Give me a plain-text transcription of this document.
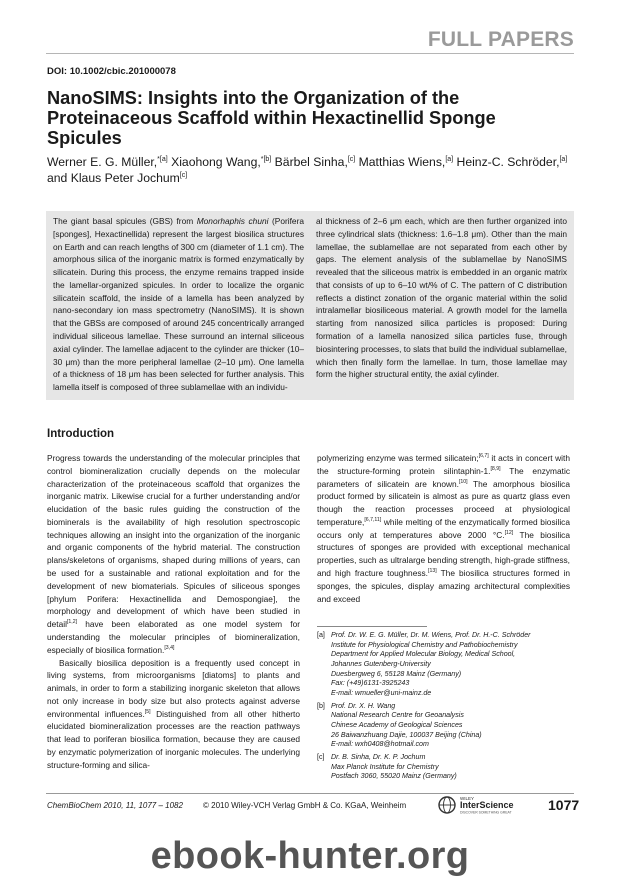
FULL PAPERS
DOI: 10.1002/cbic.201000078
NanoSIMS: Insights into the Organization of the Proteinaceous Scaffold within Hexactinellid Sponge Spicules
Werner E. G. Müller,$^{*[a]}$ Xiaohong Wang,$^{*[b]}$ Bärbel Sinha,[c] Matthias Wiens,[a] Heinz-C. Schröder,[a] and Klaus Peter Jochum[c]
The giant basal spicules (GBS) from Monorhaphis chuni (Porifera [sponges], Hexactinellida) represent the largest biosilica structures on Earth and can reach lengths of 300 cm (diameter of 1.1 cm). The amorphous silica of the inorganic matrix is formed enzymatically by silicatein. During this process, the enzyme remains trapped inside the lamellar-organized spicules. In order to localize the organic silicatein scaffold, the inside of a lamella has been analyzed by nano-secondary ion mass spectrometry (NanoSIMS). It is shown that the GBSs are composed of around 245 concentrically arranged individual siliceous lamellae. These surround an internal siliceous axial cylinder. The lamellae adjacent to the cylinder are thicker (10–30 μm) than the more peripheral lamellae (2–10 μm). One lamella of a thickness of 18 μm has been selected for further analysis. This lamella itself is composed of three sublamellae with an individu-
al thickness of 2–6 μm each, which are then further organized into three cylindrical slats (thickness: 1.6–1.8 μm). Other than the main lamellae, the sublamellae are not separated from each other by gaps. The element analysis of the sublamellae by NanoSIMS revealed that the siliceous matrix is embedded in an organic matrix that consists of up to 6–10 wt/% of C. The pattern of C distribution reflects a distinct zonation of the organic material within the solid intralamellar biosiliceous material. A growth model for the lamella starting from nanosized silica particles is proposed: During formation of a lamella nanosized silica particles fuse, through biosintering processes, to slats that build the individual sublamellae, which then finally form the lamellae. In turn, those lamellae may form the higher structural entity, the axial cylinder.
Introduction
Progress towards the understanding of the molecular principles that control biomineralization crucially depends on the molecular characterization of the proteinaceous scaffold that organizes the inorganic matrix. Likewise crucial for a further understanding and/or elucidation of the basic rules guiding the construction of the biominerals is the availability of high resolution spectroscopic techniques allowing an insight into the organization of the inorganic and organic components of the hybrid material. The construction plans/skeletons of organisms, shaped during millions of years, can be used for a sustainable and rational exploitation and for the development of new biomaterials. Spicules of siliceous sponges [phylum Porifera: Hexactinellida and Demospongiae], the morphology and development of which have been studied in detail[1,2] have been elaborated as one model system for understanding the molecular principles of biomineralization, especially of biosilica formation.[3,4]
Basically biosilica deposition is a frequently used concept in living systems, from microorganisms [diatoms] to plants and animals, in order to form a stabilizing inorganic skeleton that allows not only increase in body size but also protects against adverse environmental influences.[5] Distinguished from all other hitherto elucidated biomineralization processes are the reaction pathways that lead to poriferan biosilica formation, because they are caused by enzymatic polymerization of inorganic molecules. The underlying structure-forming and silica-
polymerizing enzyme was termed silicatein;[6,7] it acts in concert with the structure-forming protein silintaphin-1.[8,9] The enzymatic parameters of silicatein are known.[10] The amorphous biosilica product formed by silicatein is almost as pure as quartz glass even though the reaction processes proceed at physiological temperature,[6,7,11] while melting of the enzymatically formed biosilica occurs only at temperatures above 2000 °C.[12] The biosilica structures of sponges are provided with exceptional mechanical properties, such as ultralarge bending strength, high-grade stiffness, and high fracture toughness.[13] The biosilica structures formed in sponges, the spicules, display amazing architectural complexities and exceed
[a] Prof. Dr. W. E. G. Müller, Dr. M. Wiens, Prof. Dr. H.-C. Schröder
Institute for Physiological Chemistry and Pathobiochemistry
Department for Applied Molecular Biology, Medical School,
Johannes Gutenberg-University
Duesbergweg 6, 55128 Mainz (Germany)
Fax: (+49)6131-3925243
E-mail: wmueller@uni-mainz.de
[b] Prof. Dr. X. H. Wang
National Research Centre for Geoanalysis
Chinese Academy of Geological Sciences
26 Baiwanzhuang Dajie, 100037 Beijing (China)
E-mail: wxh0408@hotmail.com
[c] Dr. B. Sinha, Dr. K. P. Jochum
Max Planck Institute for Chemistry
Postfach 3060, 55020 Mainz (Germany)
ChemBioChem 2010, 11, 1077 – 1082	© 2010 Wiley-VCH Verlag GmbH & Co. KGaA, Weinheim
WILEY
InterScience
DISCOVER SOMETHING GREAT	1077
ebook-hunter.org
